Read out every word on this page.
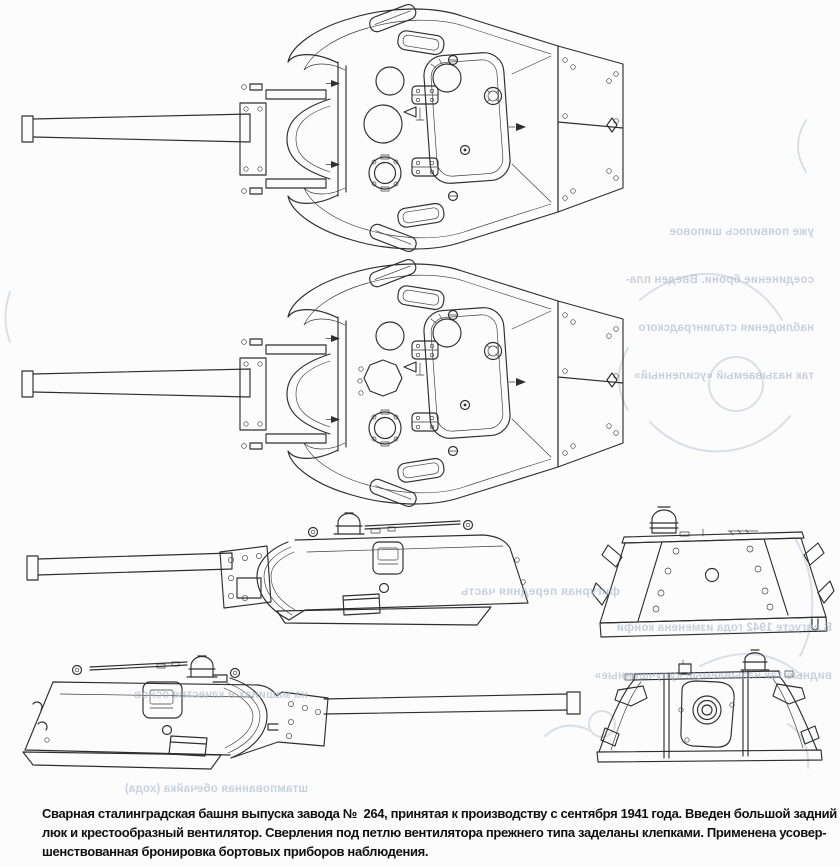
уже появилось шиповое

соединение брони. Введен пла-

наблюдения сталинградского

так называемый «усиленный»

В августе 1942 года изменена конфи

видные так называемые «улучшенные»

на машинах в качестве основ

штампованная обечайка (хода)

фигурная передняя часть

Сварная сталинградская башня выпуска завода №  264, принятая к производству с сентября 1941 года. Введен большой задний
люк и крестообразный вентилятор. Сверления под петлю вентилятора прежнего типа заделаны клепками. Применена усовер-
шенствованная бронировка бортовых приборов наблюдения.
